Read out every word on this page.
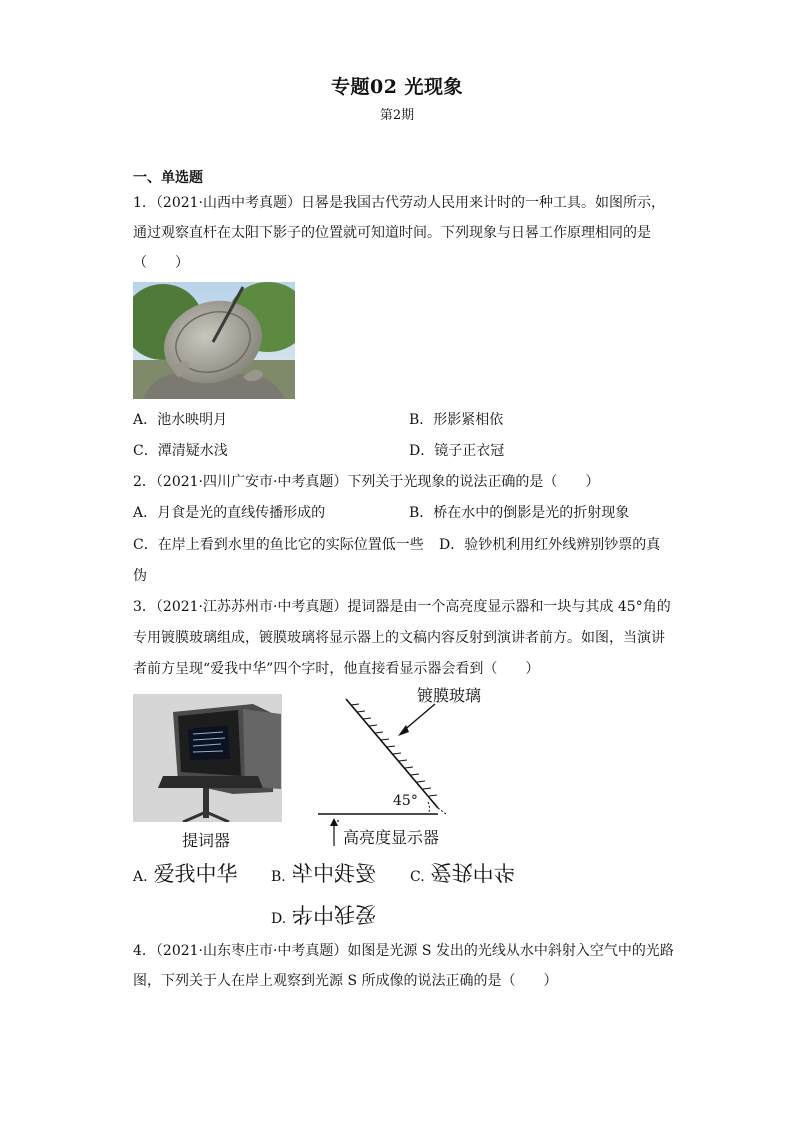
专题02 光现象
第2期
一、单选题
1．（2021·山西中考真题）日晷是我国古代劳动人民用来计时的一种工具。如图所示，
通过观察直杆在太阳下影子的位置就可知道时间。下列现象与日晷工作原理相同的是
（　　）
A．池水映明月	B．形影紧相依
C．潭清疑水浅	D．镜子正衣冠
2．（2021·四川广安市·中考真题）下列关于光现象的说法正确的是（　　）
A．月食是光的直线传播形成的	B．桥在水中的倒影是光的折射现象
C．在岸上看到水里的鱼比它的实际位置低一些 D．验钞机利用红外线辨别钞票的真
伪
3．（2021·江苏苏州市·中考真题）提词器是由一个高亮度显示器和一块与其成 45°角的
专用镀膜玻璃组成，镀膜玻璃将显示器上的文稿内容反射到演讲者前方。如图，当演讲
者前方呈现“爱我中华”四个字时，他直接看显示器会看到（　　）
提词器
镀膜玻璃
45°
高亮度显示器
A. 爱我中华 B. 爱我中华 C. 爱我中华
D. 爱我中华
4．（2021·山东枣庄市·中考真题）如图是光源 S 发出的光线从水中斜射入空气中的光路
图，下列关于人在岸上观察到光源 S 所成像的说法正确的是（　　）
